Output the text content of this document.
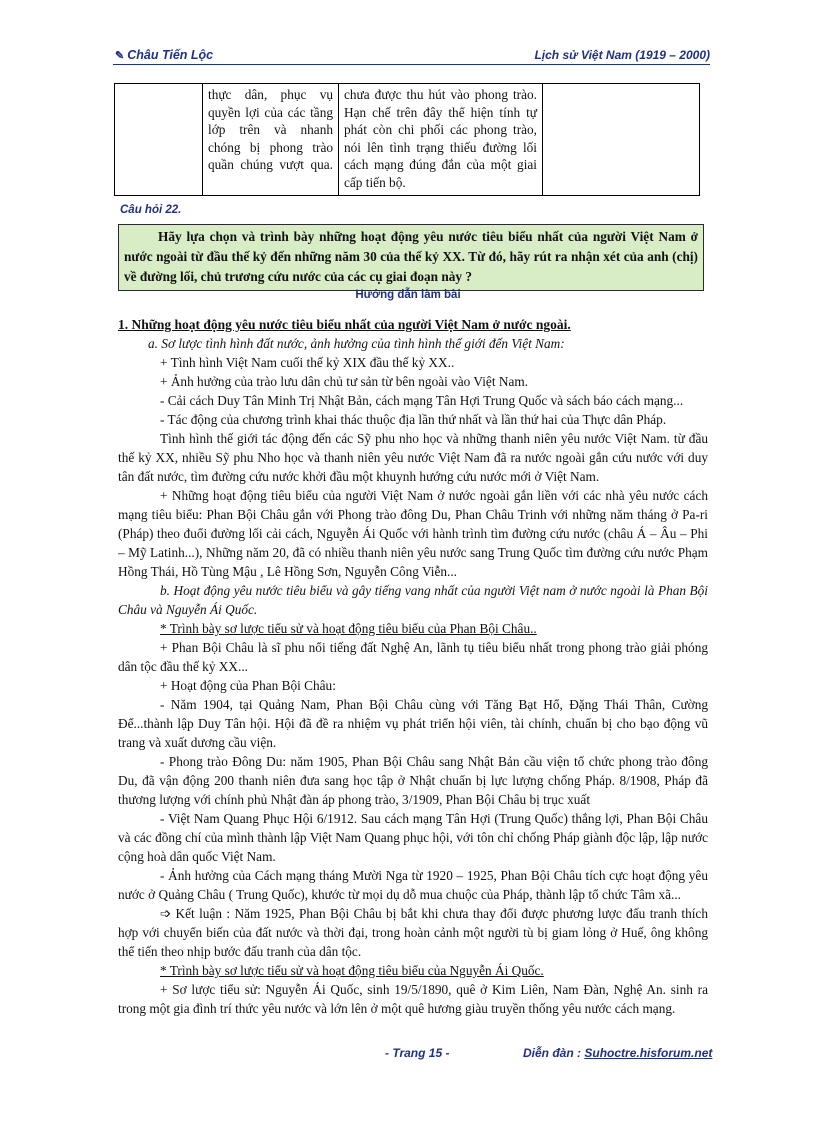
✎ Châu Tiến Lộc	Lịch sử Việt Nam (1919 – 2000)
	thực dân, phục vụ quyền lợi của các tầng lớp trên và nhanh chóng bị phong trào quần chúng vượt qua.	chưa được thu hút vào phong trào. Hạn chế trên đây thể hiện tính tự phát còn chi phối các phong trào, nói lên tình trạng thiếu đường lối cách mạng đúng đắn của một giai cấp tiến bộ.	
Câu hỏi 22.
Hãy lựa chọn và trình bày những hoạt động yêu nước tiêu biểu nhất của người Việt Nam ở nước ngoài từ đầu thế kỷ đến những năm 30 của thế kỷ XX. Từ đó, hãy rút ra nhận xét của anh (chị) về đường lối, chủ trương cứu nước của các cụ giai đoạn này ?
Hướng dẫn làm bài

1. Những hoạt động yêu nước tiêu biểu nhất của người Việt Nam ở nước ngoài.

a. Sơ lược tình hình đất nước, ảnh hưởng của tình hình thế giới đến Việt Nam:

+ Tình hình Việt Nam cuối thế kỷ XIX đầu thế kỷ XX..

+ Ảnh hưởng của trào lưu dân chủ tư sản từ bên ngoài vào Việt Nam.

- Cải cách Duy Tân Minh Trị Nhật Bản, cách mạng Tân Hợi Trung Quốc và sách báo cách mạng...

- Tác động của chương trình khai thác thuộc địa lần thứ nhất và lần thứ hai của Thực dân Pháp.

Tình hình thế giới tác động đến các Sỹ phu nho học và những thanh niên yêu nước Việt Nam. từ đầu thế kỷ XX, nhiều Sỹ phu Nho học và thanh niên yêu nước Việt Nam đã ra nước ngoài gắn cứu nước với duy tân đất nước, tìm đường cứu nước khởi đầu một khuynh hướng cứu nước mới ở Việt Nam.

+ Những hoạt động tiêu biểu của người Việt Nam ở nước ngoài gắn liền với các nhà yêu nước cách mạng tiêu biểu: Phan Bội Châu gắn với Phong trào đông Du, Phan Châu Trinh với những năm tháng ở Pa-ri (Pháp) theo đuổi đường lối cải cách, Nguyễn Ái Quốc với hành trình tìm đường cứu nước (châu Á – Âu – Phi – Mỹ Latinh...), Những năm 20, đã có nhiều thanh niên yêu nước sang Trung Quốc tìm đường cứu nước Phạm Hồng Thái, Hồ Tùng Mậu , Lê Hồng Sơn, Nguyễn Công Viễn...

b. Hoạt động yêu nước tiêu biểu và gây tiếng vang nhất của người Việt nam ở nước ngoài là Phan Bội Châu và Nguyễn Ái Quốc.

* Trình bày sơ lược tiểu sử và hoạt động tiêu biểu của Phan Bội Châu..

+ Phan Bội Châu là sĩ phu nổi tiếng đất Nghệ An, lãnh tụ tiêu biểu nhất trong phong trào giải phóng dân tộc đầu thế kỷ XX...

+ Hoạt động của Phan Bội Châu:

- Năm 1904, tại Quảng Nam, Phan Bội Châu cùng với Tăng Bạt Hổ, Đặng Thái Thân, Cường Để...thành lập Duy Tân hội. Hội đã đề ra nhiệm vụ phát triển hội viên, tài chính, chuẩn bị cho bạo động vũ trang và xuất dương cầu viện.

- Phong trào Đông Du: năm 1905, Phan Bội Châu sang Nhật Bản cầu viện tổ chức phong trào đông Du, đã vận động 200 thanh niên đưa sang học tập ở Nhật chuẩn bị lực lượng chống Pháp. 8/1908, Pháp đã thương lượng với chính phủ Nhật đàn áp phong trào, 3/1909, Phan Bội Châu bị trục xuất

- Việt Nam Quang Phục Hội 6/1912. Sau cách mạng Tân Hợi (Trung Quốc) thắng lợi, Phan Bội Châu và các đồng chí của mình thành lập Việt Nam Quang phục hội, với tôn chỉ chống Pháp giành độc lập, lập nước cộng hoà dân quốc Việt Nam.

- Ảnh hưởng của Cách mạng tháng Mười Nga từ 1920 – 1925, Phan Bội Châu tích cực hoạt động yêu nước ở Quảng Châu ( Trung Quốc), khước từ mọi dụ dỗ mua chuộc của Pháp, thành lập tổ chức Tâm xã...

➩ Kết luận : Năm 1925, Phan Bội Châu bị bắt khi chưa thay đổi được phương lược đấu tranh thích hợp với chuyển biến của đất nước và thời đại, trong hoàn cảnh một người tù bị giam lỏng ở Huế, ông không thể tiến theo nhịp bước đấu tranh của dân tộc.

* Trình bày sơ lược tiểu sử và hoạt động tiêu biểu của Nguyễn Ái Quốc.

+ Sơ lược tiểu sử: Nguyễn Ái Quốc, sinh 19/5/1890, quê ở Kim Liên, Nam Đàn, Nghệ An. sinh ra trong một gia đình trí thức yêu nước và lớn lên ở một quê hương giàu truyền thống yêu nước cách mạng.

- Trang 15 -	Diễn đàn : Suhoctre.hisforum.net
